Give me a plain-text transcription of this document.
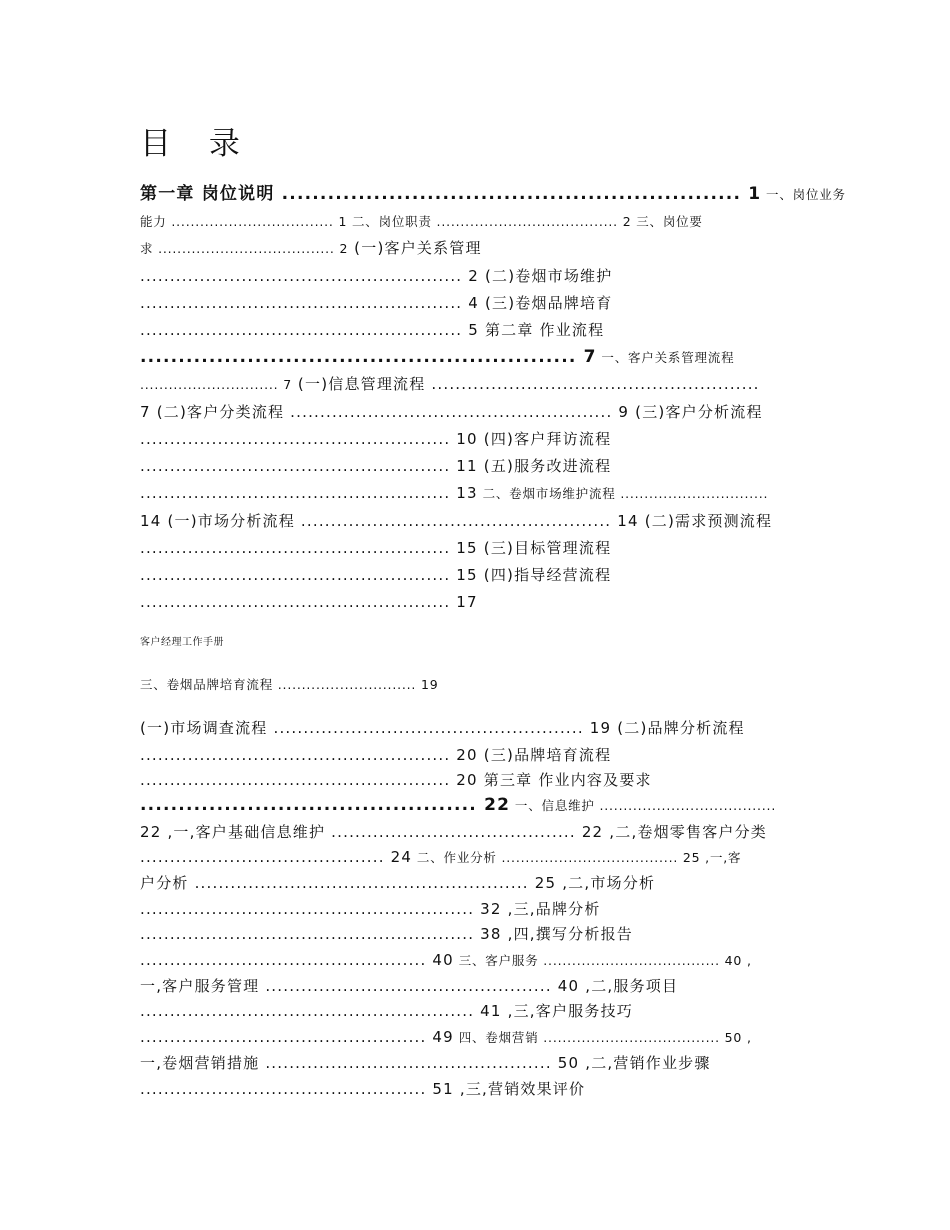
目 录
第一章 岗位说明 ............................................................ 1 一、岗位业务
能力 .................................. 1 二、岗位职责 ...................................... 2 三、岗位要
求 ..................................... 2 (一)客户关系管理
...................................................... 2 (二)卷烟市场维护
...................................................... 4 (三)卷烟品牌培育
...................................................... 5 第二章 作业流程
......................................................... 7 一、客户关系管理流程
............................. 7 (一)信息管理流程 .......................................................
7 (二)客户分类流程 ...................................................... 9 (三)客户分析流程
.................................................... 10 (四)客户拜访流程
.................................................... 11 (五)服务改进流程
.................................................... 13 二、卷烟市场维护流程 ...............................
14 (一)市场分析流程 .................................................... 14 (二)需求预测流程
.................................................... 15 (三)目标管理流程
.................................................... 15 (四)指导经营流程
.................................................... 17
客户经理工作手册
三、卷烟品牌培育流程 ............................. 19
(一)市场调查流程 .................................................... 19 (二)品牌分析流程
.................................................... 20 (三)品牌培育流程
.................................................... 20 第三章 作业内容及要求
............................................ 22 一、信息维护 .....................................
22 ,一,客户基础信息维护 ......................................... 22 ,二,卷烟零售客户分类
......................................... 24 二、作业分析 ..................................... 25 ,一,客
户分析 ........................................................ 25 ,二,市场分析
........................................................ 32 ,三,品牌分析
........................................................ 38 ,四,撰写分析报告
................................................ 40 三、客户服务 ..................................... 40 ,
一,客户服务管理 ................................................ 40 ,二,服务项目
........................................................ 41 ,三,客户服务技巧
................................................ 49 四、卷烟营销 ..................................... 50 ,
一,卷烟营销措施 ................................................ 50 ,二,营销作业步骤
................................................ 51 ,三,营销效果评价
